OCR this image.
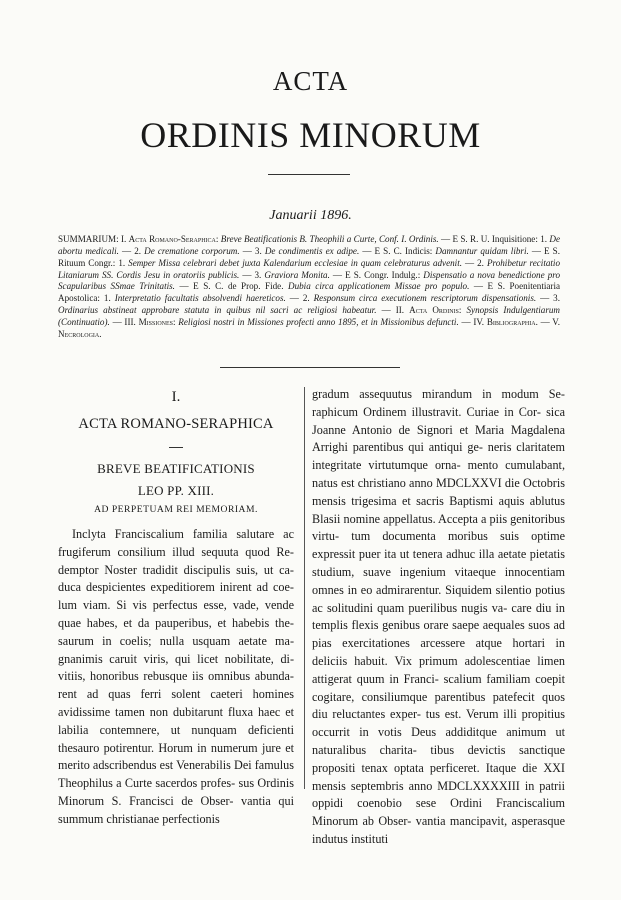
ACTA
ORDINIS MINORUM
Januarii 1896.

SUMMARIUM: I. Acta Romano-Seraphica: Breve Beatificationis B. Theophili a Curte, Conf. I. Ordinis. — E S. R. U. Inquisitione: 1. De abortu medicali. — 2. De crematione corporum. — 3. De condimentis ex adipe. — E S. C. Indicis: Damnantur quidam libri. — E S. Rituum Congr.: 1. Semper Missa celebrari debet juxta Kalendarium ecclesiae in quam celebraturus advenit. — 2. Prohibetur recitatio Litaniarum SS. Cordis Jesu in oratoriis publicis. — 3. Graviora Monita. — E S. Congr. Indulg.: Dispensatio a nova benedictione pro Scapularibus SSmae Trinitatis. — E S. C. de Prop. Fide. Dubia circa applicationem Missae pro populo. — E S. Poenitentiaria Apostolica: 1. Interpretatio facultatis absolvendi haereticos. — 2. Responsum circa executionem rescriptorum dispensationis. — 3. Ordinarius abstineat approbare statuta in quibus nil sacri ac religiosi habeatur. — II. Acta Ordinis: Synopsis Indulgentiarum (Continuatio). — III. Missiones: Religiosi nostri in Missiones profecti anno 1895, et in Missionibus defuncti. — IV. Bibliographia. — V. Necrologia.

I.
ACTA ROMANO-SERAPHICA
BREVE BEATIFICATIONIS
LEO PP. XIII.
AD PERPETUAM REI MEMORIAM.

Inclyta Franciscalium familia salutare ac frugiferum consilium illud sequuta quod Re- demptor Noster tradidit discipulis suis, ut ca- duca despicientes expeditiorem inirent ad coe- lum viam. Si vis perfectus esse, vade, vende quae habes, et da pauperibus, et habebis the- saurum in coelis; nulla usquam aetate ma- gnanimis caruit viris, qui licet nobilitate, di- vitiis, honoribus rebusque iis omnibus abunda- rent ad quas ferri solent caeteri homines avidissime tamen non dubitarunt fluxa haec et labilia contemnere, ut nunquam deficienti thesauro potirentur. Horum in numerum jure et merito adscribendus est Venerabilis Dei famulus Theophilus a Curte sacerdos profes- sus Ordinis Minorum S. Francisci de Obser- vantia qui summum christianae perfectionis

gradum assequutus mirandum in modum Se- raphicum Ordinem illustravit. Curiae in Cor- sica Joanne Antonio de Signori et Maria Magdalena Arrighi parentibus qui antiqui ge- neris claritatem integritate virtutumque orna- mento cumulabant, natus est christiano anno MDCLXXVI die Octobris mensis trigesima et sacris Baptismi aquis ablutus Blasii nomine appellatus. Accepta a piis genitoribus virtu- tum documenta moribus suis optime expressit puer ita ut tenera adhuc illa aetate pietatis studium, suave ingenium vitaeque innocentiam omnes in eo admirarentur. Siquidem silentio potius ac solitudini quam puerilibus nugis va- care diu in templis flexis genibus orare saepe aequales suos ad pias exercitationes arcessere atque hortari in deliciis habuit. Vix primum adolescentiae limen attigerat quum in Franci- scalium familiam coepit cogitare, consiliumque parentibus patefecit quos diu reluctantes exper- tus est. Verum illi propitius occurrit in votis Deus addiditque animum ut naturalibus charita- tibus devictis sanctique propositi tenax optata perficeret. Itaque die XXI mensis septembris anno MDCLXXXXIII in patrii oppidi coenobio sese Ordini Franciscalium Minorum ab Obser- vantia mancipavit, asperasque indutus instituti
